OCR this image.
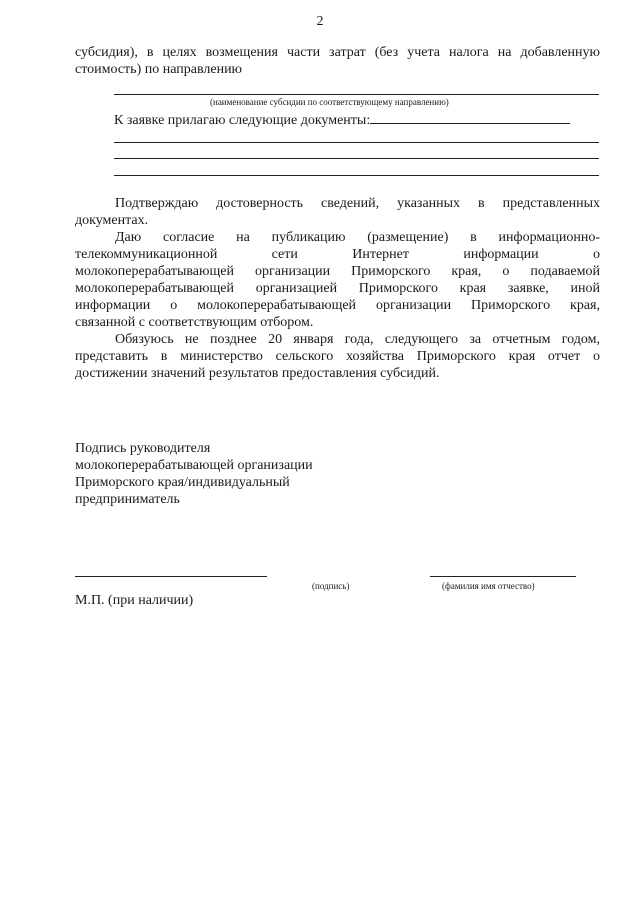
2
субсидия), в целях возмещения части затрат (без учета налога на добавленную
стоимость) по направлению
(наименование субсидии по соответствующему направлению)
К заявке прилагаю следующие документы:
Подтверждаю достоверность сведений, указанных в представленных
документах.
Даю согласие на публикацию (размещение) в информационно-
телекоммуникационной сети Интернет информации о
молокоперерабатывающей организации Приморского края, о подаваемой
молокоперерабатывающей организацией Приморского края заявке, иной
информации о молокоперерабатывающей организации Приморского края,
связанной с соответствующим отбором.
Обязуюсь не позднее 20 января года, следующего за отчетным годом,
представить в министерство сельского хозяйства Приморского края отчет о
достижении значений результатов предоставления субсидий.
Подпись руководителя
молокоперерабатывающей организации
Приморского края/индивидуальный
предприниматель
(подпись)	(фамилия имя отчество)
М.П. (при наличии)
